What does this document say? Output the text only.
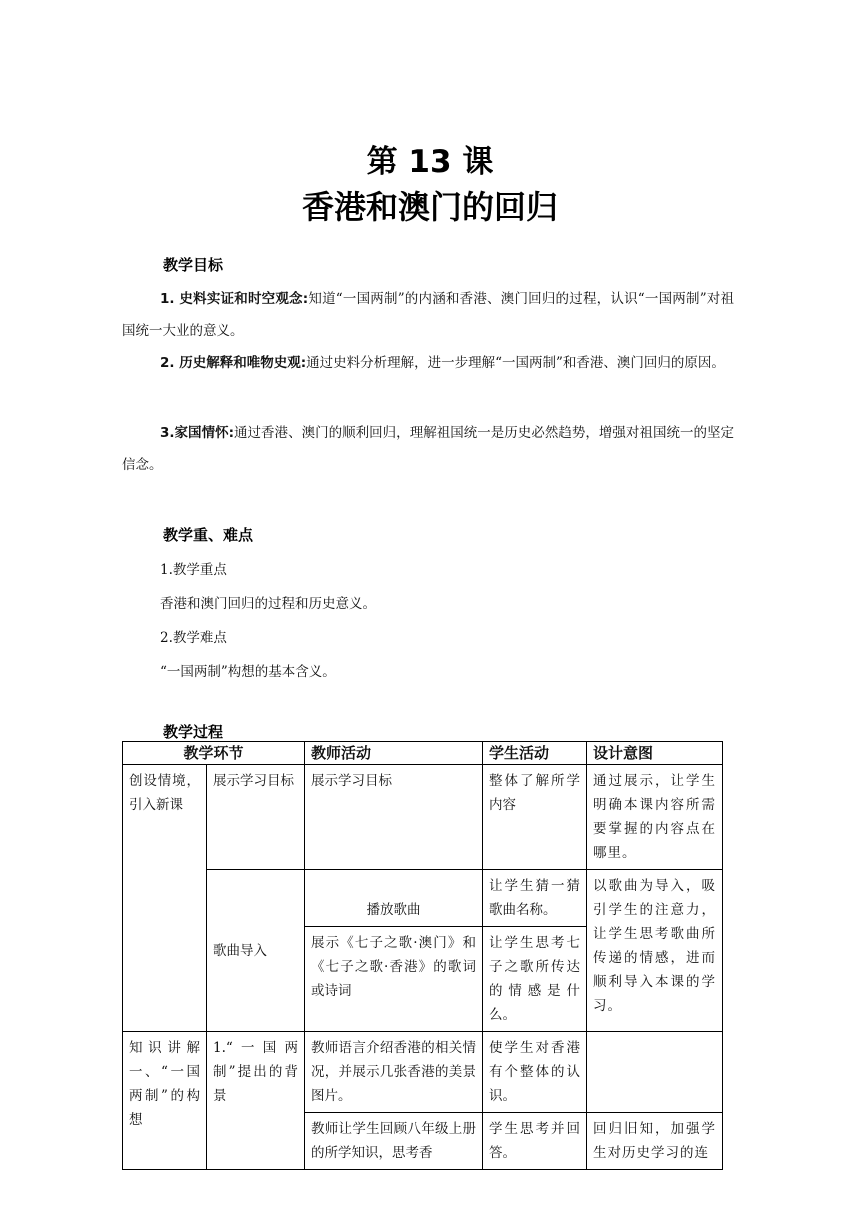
第 13 课
香港和澳门的回归
教学目标
1. 史料实证和时空观念:知道“一国两制”的内涵和香港、澳门回归的过程，认识“一国两制”对祖国统一大业的意义。
2. 历史解释和唯物史观:通过史料分析理解，进一步理解“一国两制”和香港、澳门回归的原因。
3.家国情怀:通过香港、澳门的顺利回归，理解祖国统一是历史必然趋势，增强对祖国统一的坚定信念。
教学重、难点
1.教学重点
香港和澳门回归的过程和历史意义。
2.教学难点
“一国两制”构想的基本含义。
教学过程
教学环节		教师活动	学生活动	设计意图
创设情境，引入新课	展示学习目标	展示学习目标	整体了解所学内容	通过展示，让学生明确本课内容所需要掌握的内容点在哪里。
	歌曲导入	播放歌曲	让学生猜一猜歌曲名称。	以歌曲为导入，吸引学生的注意力，让学生思考歌曲所传递的情感，进而顺利导入本课的学习。
		展示《七子之歌·澳门》和《七子之歌·香港》的歌词或诗词	让学生思考七子之歌所传达的情感是什么。	
知识讲解一、“一国两制”的构想	1.“一国两制”提出的背景	教师语言介绍香港的相关情况，并展示几张香港的美景图片。	使学生对香港有个整体的认识。	
		教师让学生回顾八年级上册的所学知识，思考香	学生思考并回答。	回归旧知，加强学生对历史学习的连
